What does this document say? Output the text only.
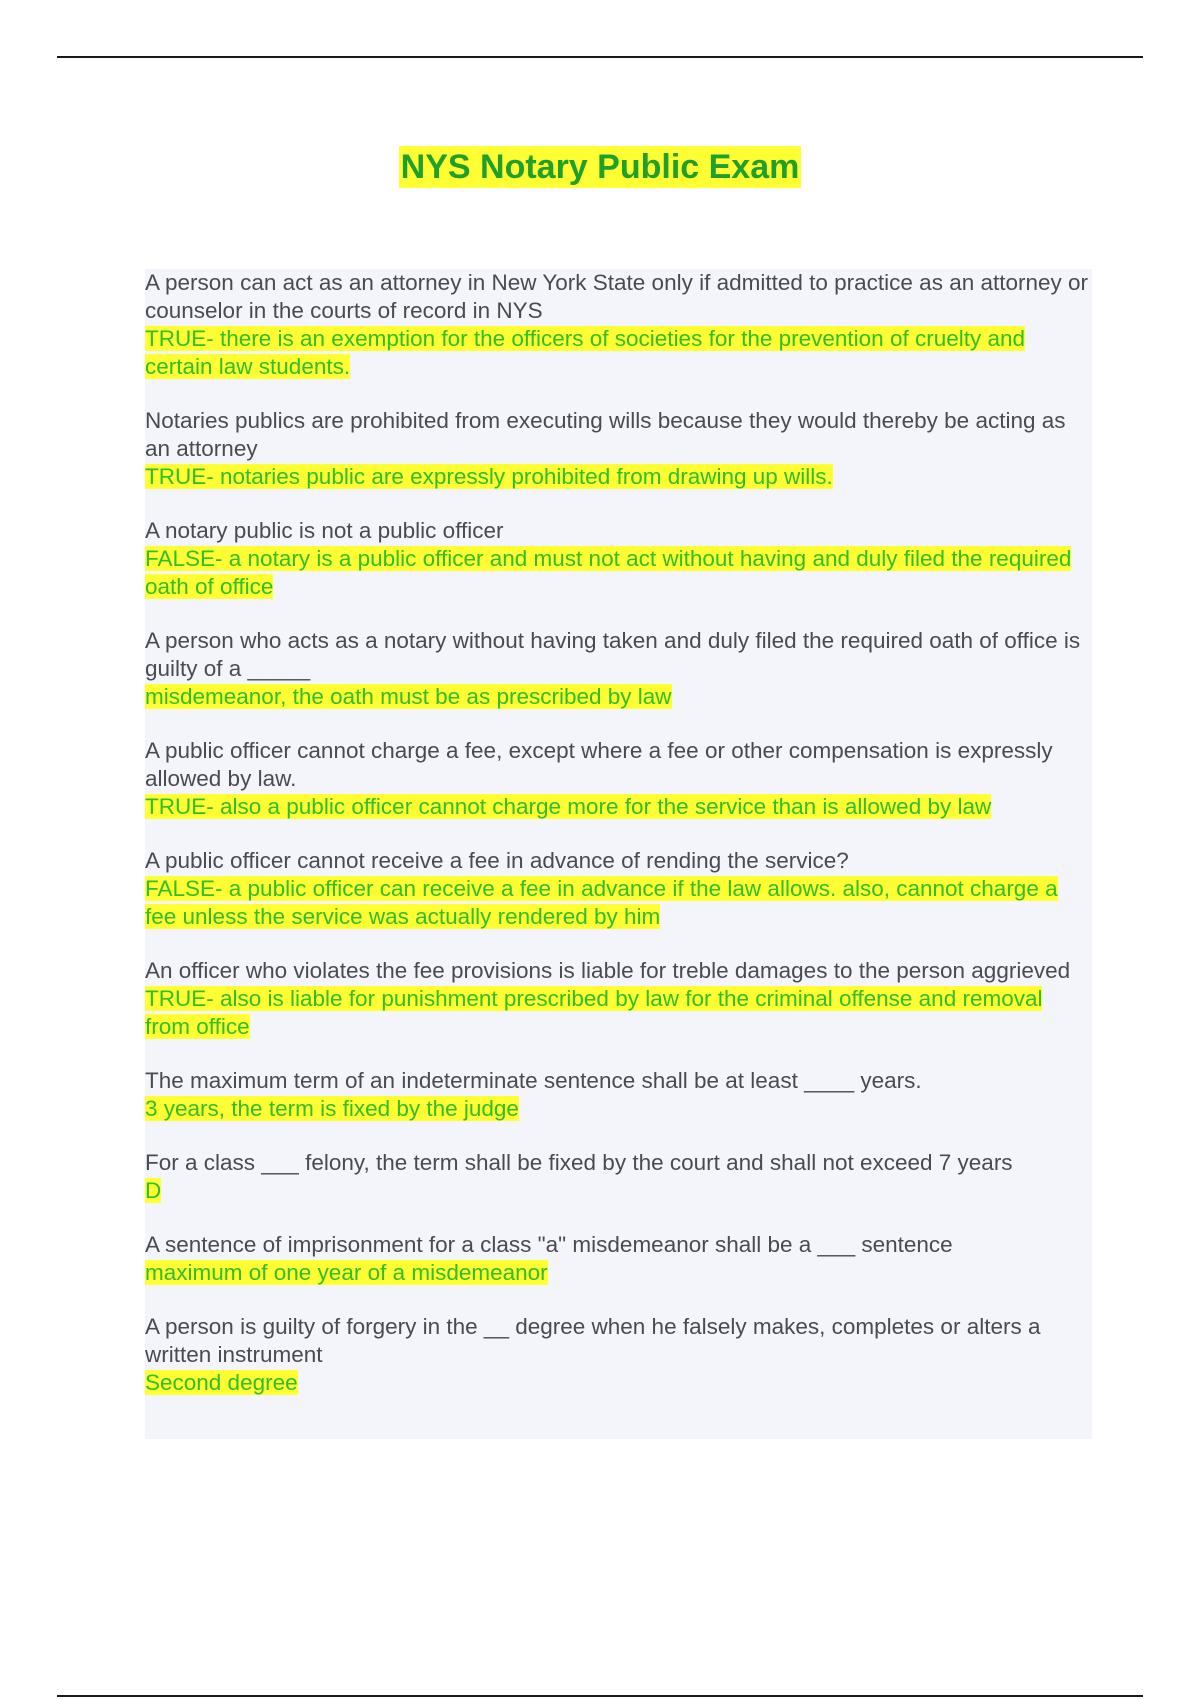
NYS Notary Public Exam

A person can act as an attorney in New York State only if admitted to practice as an attorney or counselor in the courts of record in NYS

TRUE- there is an exemption for the officers of societies for the prevention of cruelty and certain law students.

Notaries publics are prohibited from executing wills because they would thereby be acting as an attorney

TRUE- notaries public are expressly prohibited from drawing up wills.

A notary public is not a public officer

FALSE- a notary is a public officer and must not act without having and duly filed the required oath of office

A person who acts as a notary without having taken and duly filed the required oath of office is guilty of a _____

misdemeanor, the oath must be as prescribed by law

A public officer cannot charge a fee, except where a fee or other compensation is expressly allowed by law.

TRUE- also a public officer cannot charge more for the service than is allowed by law

A public officer cannot receive a fee in advance of rending the service?

FALSE- a public officer can receive a fee in advance if the law allows. also, cannot charge a fee unless the service was actually rendered by him

An officer who violates the fee provisions is liable for treble damages to the person aggrieved

TRUE- also is liable for punishment prescribed by law for the criminal offense and removal from office

The maximum term of an indeterminate sentence shall be at least ____ years.

3 years, the term is fixed by the judge

For a class ___ felony, the term shall be fixed by the court and shall not exceed 7 years

D

A sentence of imprisonment for a class "a" misdemeanor shall be a ___ sentence

maximum of one year of a misdemeanor

A person is guilty of forgery in the __ degree when he falsely makes, completes or alters a written instrument

Second degree
